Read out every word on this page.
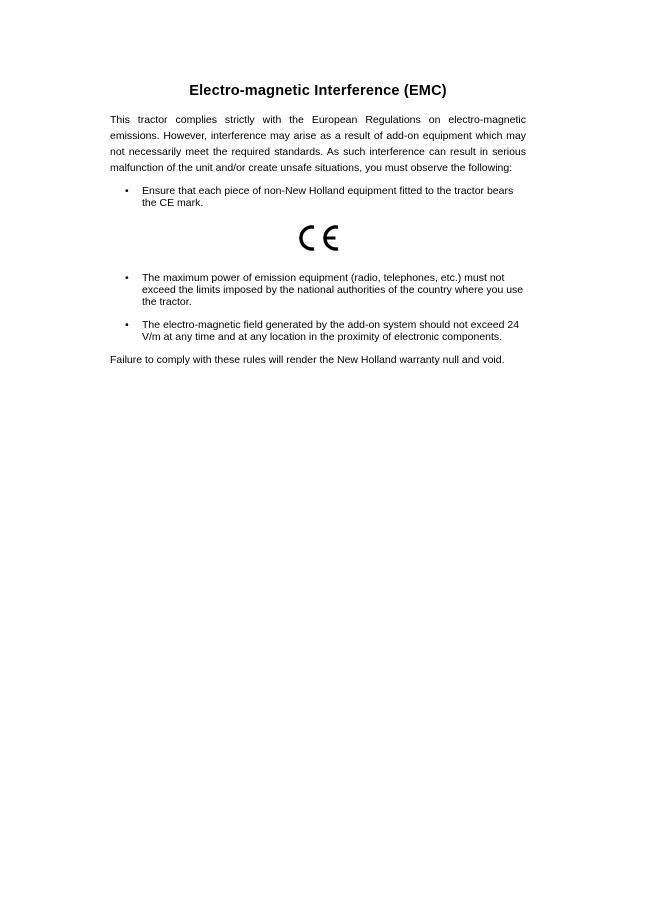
Electro-magnetic Interference (EMC)

This tractor complies strictly with the European Regulations on electro-magnetic emissions. However, interference may arise as a result of add-on equipment which may not necessarily meet the required standards. As such interference can result in serious malfunction of the unit and/or create unsafe situations, you must observe the following:

• Ensure that each piece of non-New Holland equipment fitted to the tractor bears the CE mark.
• The maximum power of emission equipment (radio, telephones, etc.) must not exceed the limits imposed by the national authorities of the country where you use the tractor.
• The electro-magnetic field generated by the add-on system should not exceed 24 V/m at any time and at any location in the proximity of electronic components.

Failure to comply with these rules will render the New Holland warranty null and void.
